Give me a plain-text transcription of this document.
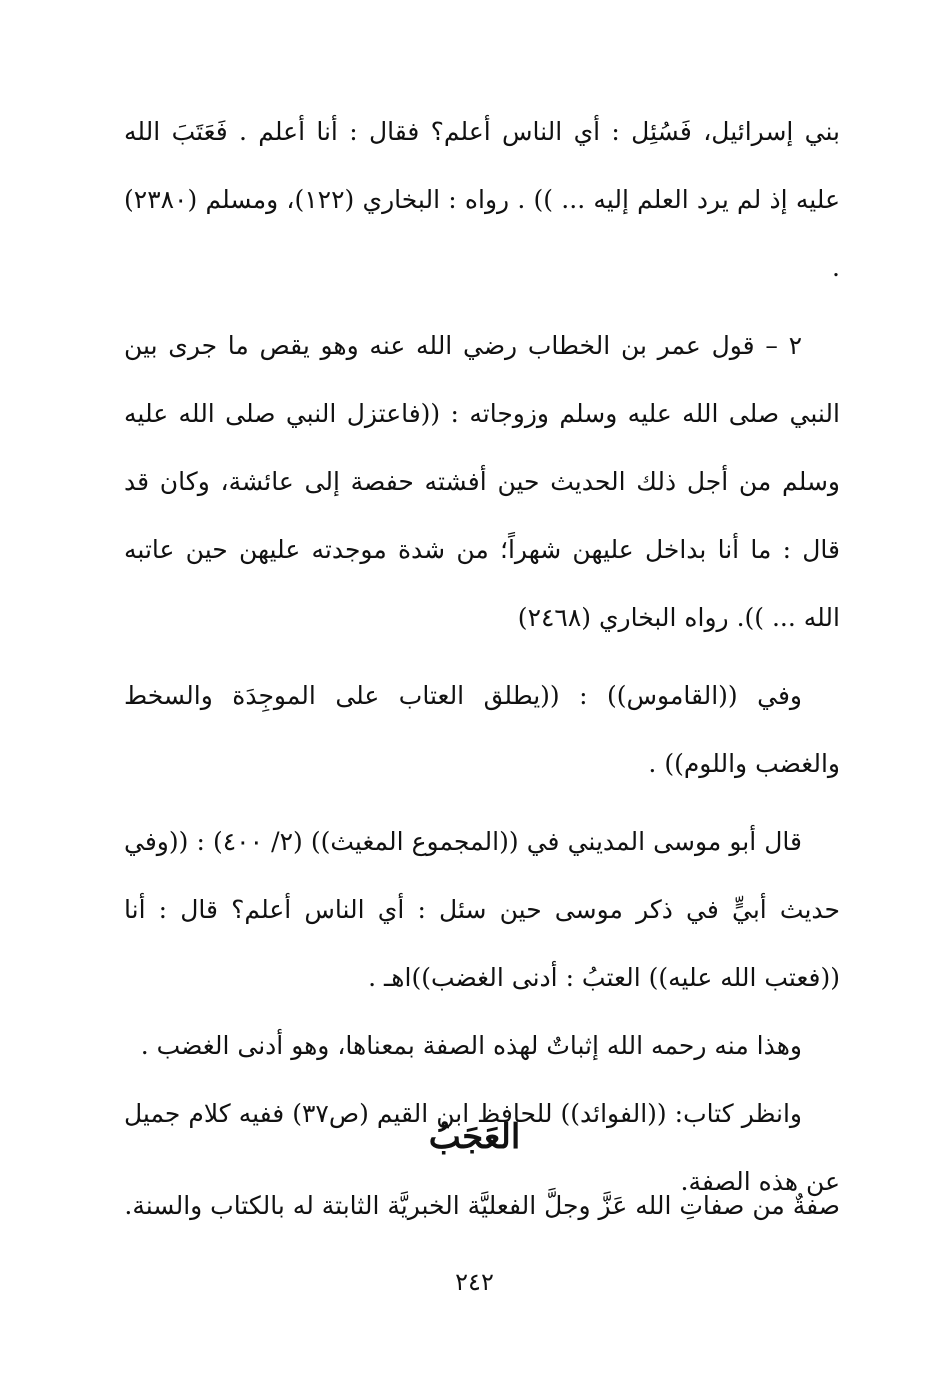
بني إسرائيل، فَسُئِل : أي الناس أعلم؟ فقال : أنا أعلم . فَعَتَبَ الله عليه إذ لم يرد العلم إليه ... )) . رواه : البخاري (١٢٢)، ومسلم (٢٣٨٠) .

٢ – قول عمر بن الخطاب رضي الله عنه وهو يقص ما جرى بين النبي صلى الله عليه وسلم وزوجاته : ((فاعتزل النبي صلى الله عليه وسلم من أجل ذلك الحديث حين أفشته حفصة إلى عائشة، وكان قد قال : ما أنا بداخل عليهن شهراً؛ من شدة موجدته عليهن حين عاتبه الله ... )). رواه البخاري (٢٤٦٨)

وفي ((القاموس)) : ((يطلق العتاب على الموجِدَة والسخط والغضب واللوم)) .

قال أبو موسى المديني في ((المجموع المغيث)) (٢/ ٤٠٠) : ((وفي حديث أبيٍّ في ذكر موسى حين سئل : أي الناس أعلم؟ قال : أنا ((فعتب الله عليه)) العتبُ : أدنى الغضب))اهـ .

وهذا منه رحمه الله إثباتٌ لهذه الصفة بمعناها، وهو أدنى الغضب .

وانظر كتاب: ((الفوائد)) للحافظ ابن القيم (ص٣٧) ففيه كلام جميل عن هذه الصفة.

العَجَبُ
صفةٌ من صفاتِ الله عَزَّ وجلَّ الفعليَّة الخبريَّة الثابتة له بالكتاب والسنة.
٢٤٢
